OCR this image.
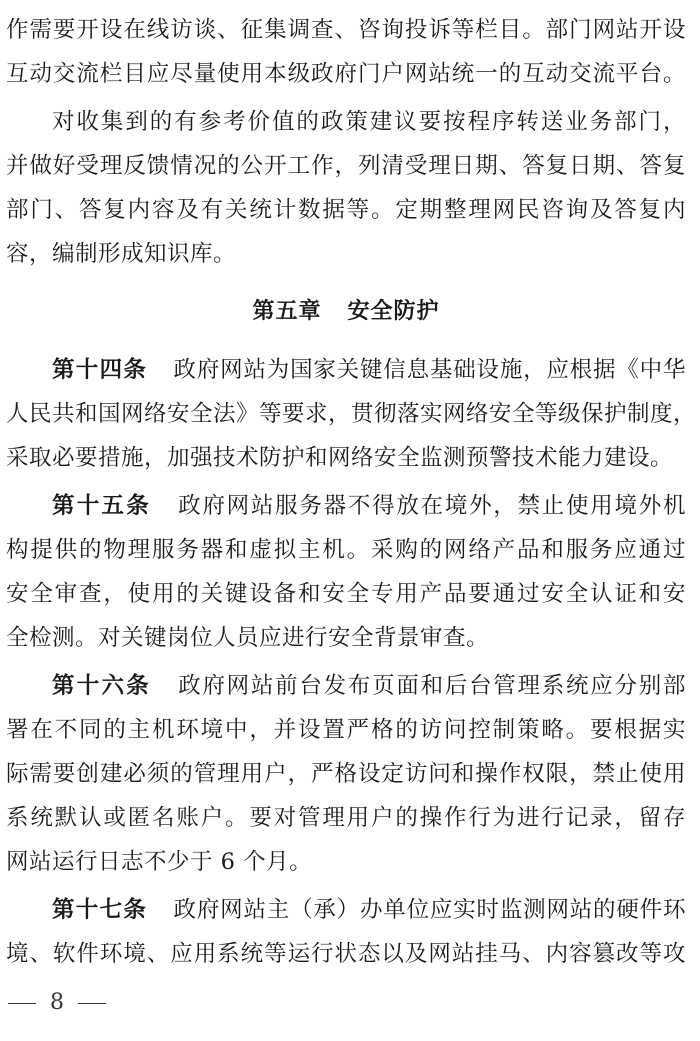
作需要开设在线访谈、征集调查、咨询投诉等栏目。部门网站开设
互动交流栏目应尽量使用本级政府门户网站统一的互动交流平台。
对收集到的有参考价值的政策建议要按程序转送业务部门，
并做好受理反馈情况的公开工作，列清受理日期、答复日期、答复
部门、答复内容及有关统计数据等。定期整理网民咨询及答复内
容，编制形成知识库。
第五章 安全防护
第十四条 政府网站为国家关键信息基础设施，应根据《中华
人民共和国网络安全法》等要求，贯彻落实网络安全等级保护制度，
采取必要措施，加强技术防护和网络安全监测预警技术能力建设。
第十五条 政府网站服务器不得放在境外，禁止使用境外机
构提供的物理服务器和虚拟主机。采购的网络产品和服务应通过
安全审查，使用的关键设备和安全专用产品要通过安全认证和安
全检测。对关键岗位人员应进行安全背景审查。
第十六条 政府网站前台发布页面和后台管理系统应分别部
署在不同的主机环境中，并设置严格的访问控制策略。要根据实
际需要创建必须的管理用户，严格设定访问和操作权限，禁止使用
系统默认或匿名账户。要对管理用户的操作行为进行记录，留存
网站运行日志不少于 6 个月。
第十七条 政府网站主（承）办单位应实时监测网站的硬件环
境、软件环境、应用系统等运行状态以及网站挂马、内容篡改等攻
8
